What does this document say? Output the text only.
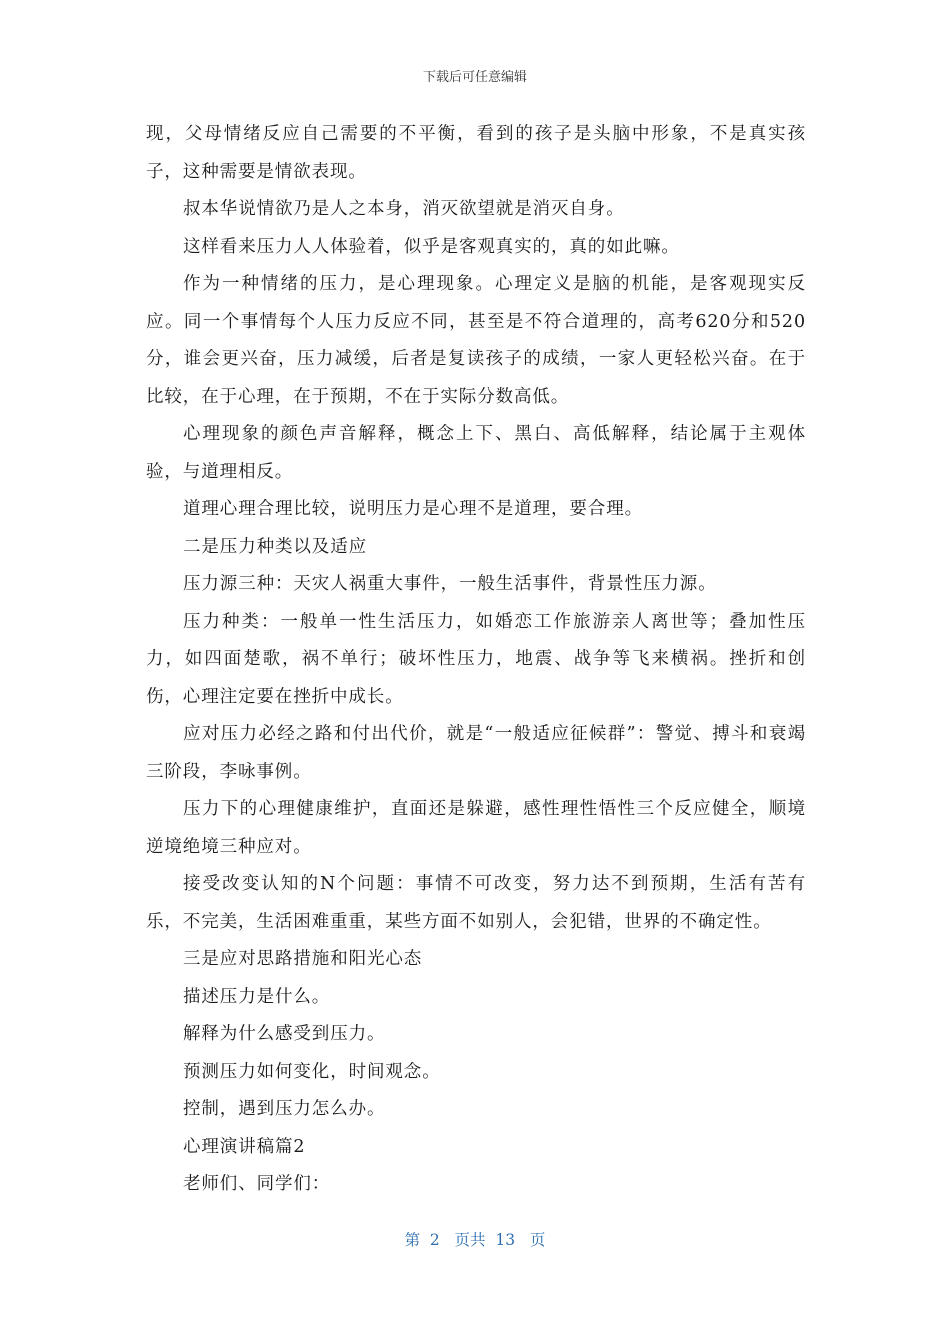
下载后可任意编辑

现，父母情绪反应自己需要的不平衡，看到的孩子是头脑中形象，不是真实孩子，这种需要是情欲表现。

叔本华说情欲乃是人之本身，消灭欲望就是消灭自身。

这样看来压力人人体验着，似乎是客观真实的，真的如此嘛。

作为一种情绪的压力，是心理现象。心理定义是脑的机能，是客观现实反应。同一个事情每个人压力反应不同，甚至是不符合道理的，高考620分和520分，谁会更兴奋，压力减缓，后者是复读孩子的成绩，一家人更轻松兴奋。在于比较，在于心理，在于预期，不在于实际分数高低。

心理现象的颜色声音解释，概念上下、黑白、高低解释，结论属于主观体验，与道理相反。

道理心理合理比较，说明压力是心理不是道理，要合理。

二是压力种类以及适应

压力源三种：天灾人祸重大事件，一般生活事件，背景性压力源。

压力种类：一般单一性生活压力，如婚恋工作旅游亲人离世等；叠加性压力，如四面楚歌，祸不单行；破坏性压力，地震、战争等飞来横祸。挫折和创伤，心理注定要在挫折中成长。

应对压力必经之路和付出代价，就是“一般适应征候群”：警觉、搏斗和衰竭三阶段，李咏事例。

压力下的心理健康维护，直面还是躲避，感性理性悟性三个反应健全，顺境逆境绝境三种应对。

接受改变认知的N个问题：事情不可改变，努力达不到预期，生活有苦有乐，不完美，生活困难重重，某些方面不如别人，会犯错，世界的不确定性。

三是应对思路措施和阳光心态

描述压力是什么。

解释为什么感受到压力。

预测压力如何变化，时间观念。

控制，遇到压力怎么办。

心理演讲稿篇2

老师们、同学们：

第  2   页共  13   页
